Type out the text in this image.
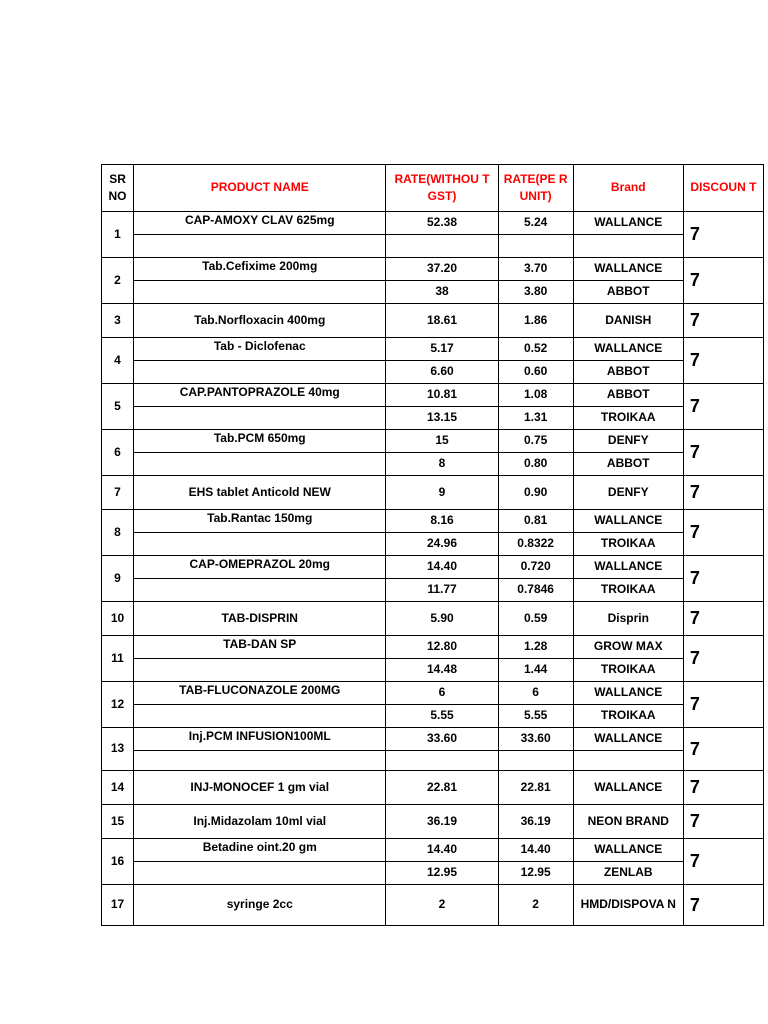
SR NO	PRODUCT NAME	RATE(WITHOU T GST)	RATE(PE R UNIT)	Brand	DISCOUN T
1	CAP-AMOXY CLAV 625mg	52.38	5.24	WALLANCE	7

2	Tab.Cefixime 200mg	37.20	3.70	WALLANCE	7
		38	3.80	ABBOT	
3	Tab.Norfloxacin 400mg	18.61	1.86	DANISH	7
4	Tab - Diclofenac	5.17	0.52	WALLANCE	7
		6.60	0.60	ABBOT	
5	CAP.PANTOPRAZOLE 40mg	10.81	1.08	ABBOT	7
		13.15	1.31	TROIKAA	
6	Tab.PCM 650mg	15	0.75	DENFY	7
		8	0.80	ABBOT	
7	EHS tablet Anticold NEW	9	0.90	DENFY	7
8	Tab.Rantac 150mg	8.16	0.81	WALLANCE	7
		24.96	0.8322	TROIKAA	
9	CAP-OMEPRAZOL 20mg	14.40	0.720	WALLANCE	7
		11.77	0.7846	TROIKAA	
10	TAB-DISPRIN	5.90	0.59	Disprin	7
11	TAB-DAN SP	12.80	1.28	GROW MAX	7
		14.48	1.44	TROIKAA	
12	TAB-FLUCONAZOLE 200MG	6	6	WALLANCE	7
		5.55	5.55	TROIKAA	
13	Inj.PCM INFUSION100ML	33.60	33.60	WALLANCE	7

14	INJ-MONOCEF 1 gm vial	22.81	22.81	WALLANCE	7
15	Inj.Midazolam 10ml vial	36.19	36.19	NEON BRAND	7
16	Betadine oint.20 gm	14.40	14.40	WALLANCE	7
		12.95	12.95	ZENLAB	
17	syringe 2cc	2	2	HMD/DISPOVA N	7
